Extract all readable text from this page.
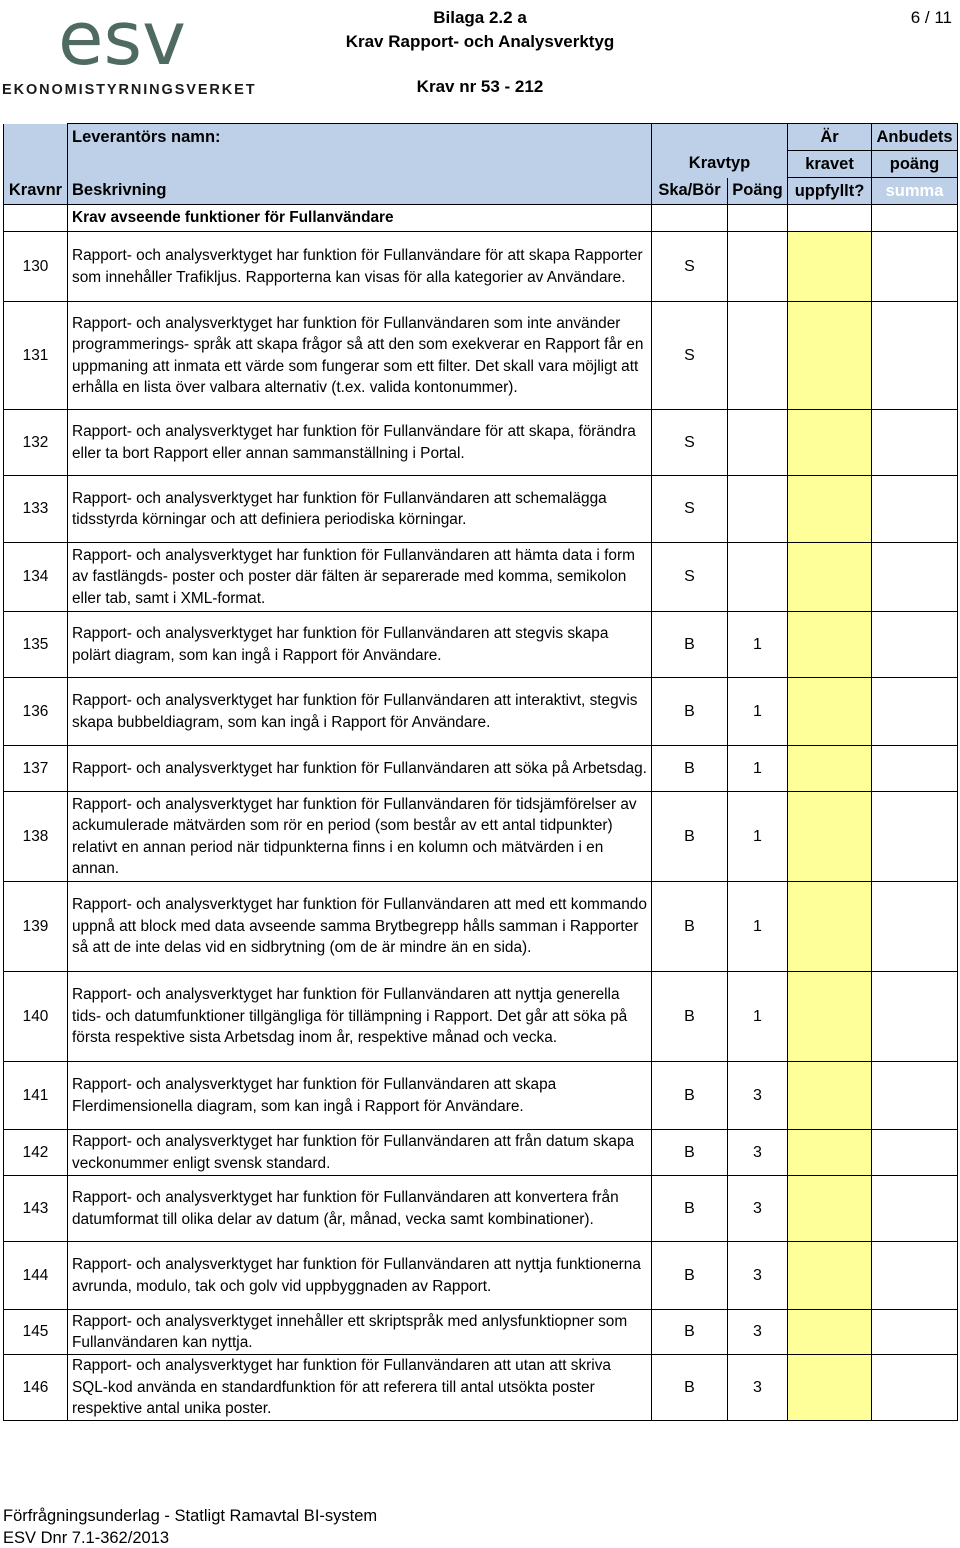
esv
EKONOMISTYRNINGSVERKET
Bilaga 2.2 a
Krav Rapport- och Analysverktyg
Krav nr 53 - 212
6 / 11
	Leverantörs namn:	Kravtyp		Är	Anbudets
				kravet	poäng
Kravnr	Beskrivning	Ska/Bör	Poäng	uppfyllt?	summa
	Krav avseende funktioner för Fullanvändare				
130	Rapport- och analysverktyget har funktion för Fullanvändare för att skapa Rapporter som innehåller Trafikljus. Rapporterna kan visas för alla kategorier av Användare.	S			
131	Rapport- och analysverktyget har funktion för Fullanvändaren som inte använder programmerings- språk att skapa frågor så att den som exekverar en Rapport får en uppmaning att inmata ett värde som fungerar som ett filter. Det skall vara möjligt att erhålla en lista över valbara alternativ (t.ex. valida kontonummer).	S			
132	Rapport- och analysverktyget har funktion för Fullanvändare för att skapa, förändra eller ta bort Rapport eller annan sammanställning i Portal.	S			
133	Rapport- och analysverktyget har funktion för Fullanvändaren att schemalägga tidsstyrda körningar och att definiera periodiska körningar.	S			
134	Rapport- och analysverktyget har funktion för Fullanvändaren att hämta data i form av fastlängds- poster och poster där fälten är separerade med komma, semikolon eller tab, samt i XML-format.	S			
135	Rapport- och analysverktyget har funktion för Fullanvändaren att stegvis skapa polärt diagram, som kan ingå i Rapport för Användare.	B	1		
136	Rapport- och analysverktyget har funktion för Fullanvändaren att interaktivt, stegvis skapa bubbeldiagram, som kan ingå i Rapport för Användare.	B	1		
137	Rapport- och analysverktyget har funktion för Fullanvändaren att söka på Arbetsdag.	B	1		
138	Rapport- och analysverktyget har funktion för Fullanvändaren för tidsjämförelser av ackumulerade mätvärden som rör en period (som består av ett antal tidpunkter) relativt en annan period när tidpunkterna finns i en kolumn och mätvärden i en annan.	B	1		
139	Rapport- och analysverktyget har funktion för Fullanvändaren att med ett kommando uppnå att block med data avseende samma Brytbegrepp hålls samman i Rapporter så att de inte delas vid en sidbrytning (om de är mindre än en sida).	B	1		
140	Rapport- och analysverktyget har funktion för Fullanvändaren att nyttja generella tids- och datumfunktioner tillgängliga för tillämpning i Rapport. Det går att söka på första respektive sista Arbetsdag inom år, respektive månad och vecka.	B	1		
141	Rapport- och analysverktyget har funktion för Fullanvändaren att skapa Flerdimensionella diagram, som kan ingå i Rapport för Användare.	B	3		
142	Rapport- och analysverktyget har funktion för Fullanvändaren att från datum skapa veckonummer enligt svensk standard.	B	3		
143	Rapport- och analysverktyget har funktion för Fullanvändaren att konvertera från datumformat till olika delar av datum (år, månad, vecka samt kombinationer).	B	3		
144	Rapport- och analysverktyget har funktion för Fullanvändaren att nyttja funktionerna avrunda, modulo, tak och golv vid uppbyggnaden av Rapport.	B	3		
145	Rapport- och analysverktyget innehåller ett skriptspråk med anlysfunktiopner som Fullanvändaren kan nyttja.	B	3		
146	Rapport- och analysverktyget har funktion för Fullanvändaren att utan att skriva SQL-kod använda en standardfunktion för att referera till antal utsökta poster respektive antal unika poster.	B	3		
Förfrågningsunderlag - Statligt Ramavtal BI-system
ESV Dnr 7.1-362/2013
